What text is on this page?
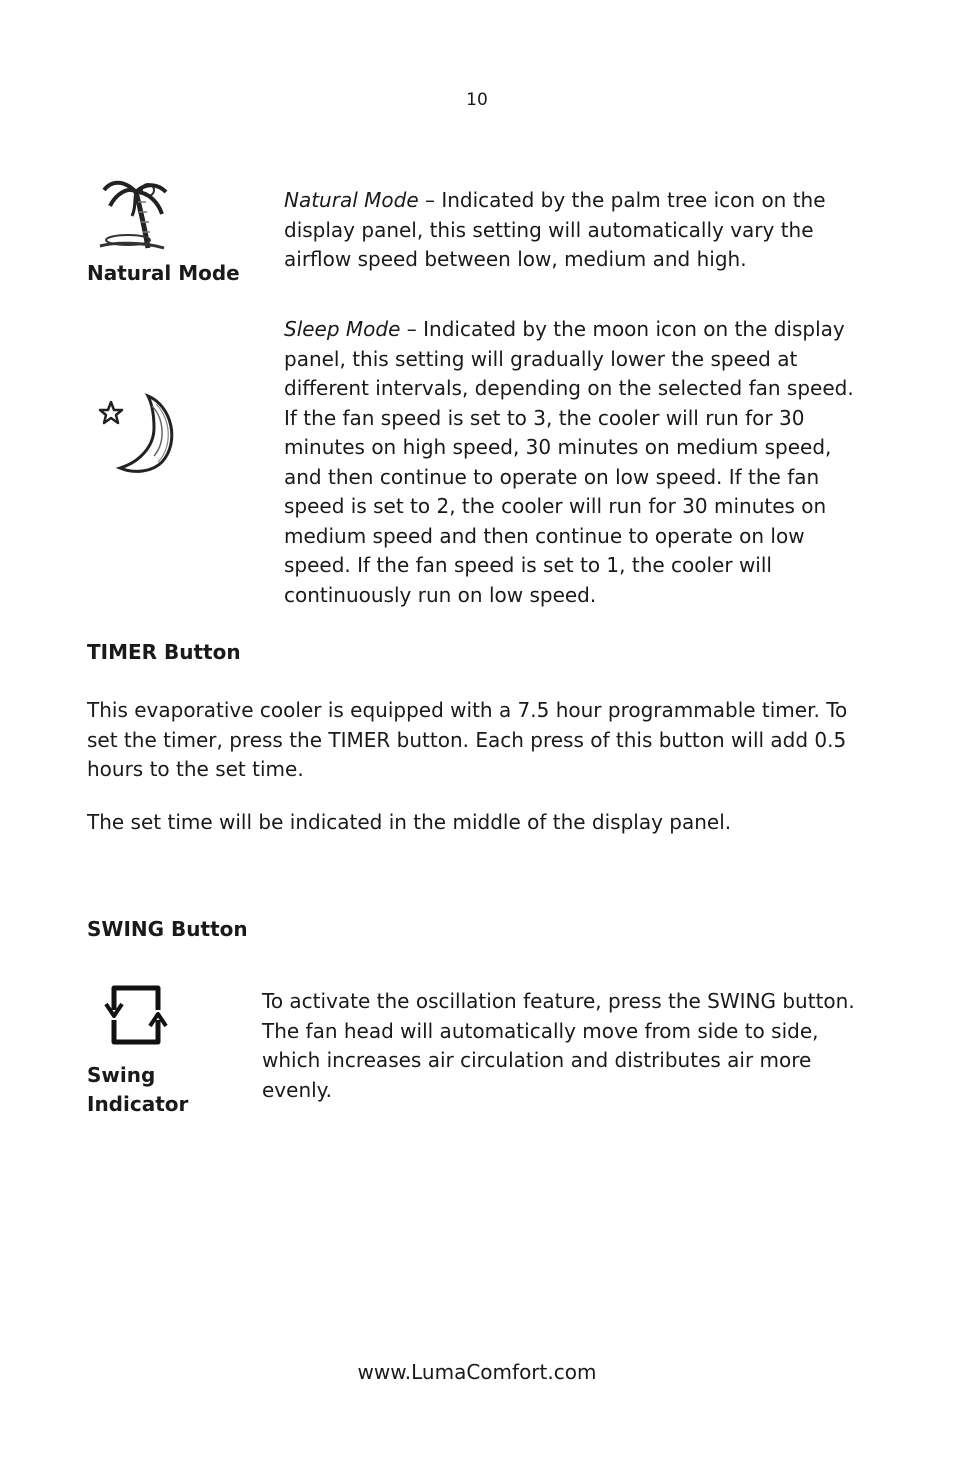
10
Natural Mode

Natural Mode – Indicated by the palm tree icon on the display panel, this setting will automatically vary the airflow speed between low, medium and high.

Sleep Mode – Indicated by the moon icon on the display panel, this setting will gradually lower the speed at different intervals, depending on the selected fan speed. If the fan speed is set to 3, the cooler will run for 30 minutes on high speed, 30 minutes on medium speed, and then continue to operate on low speed. If the fan speed is set to 2, the cooler will run for 30 minutes on medium speed and then continue to operate on low speed. If the fan speed is set to 1, the cooler will continuously run on low speed.

TIMER Button
This evaporative cooler is equipped with a 7.5 hour programmable timer. To set the timer, press the TIMER button. Each press of this button will add 0.5 hours to the set time.
The set time will be indicated in the middle of the display panel.
SWING Button
Swing
Indicator
To activate the oscillation feature, press the SWING button. The fan head will automatically move from side to side, which increases air circulation and distributes air more evenly.
www.LumaComfort.com
